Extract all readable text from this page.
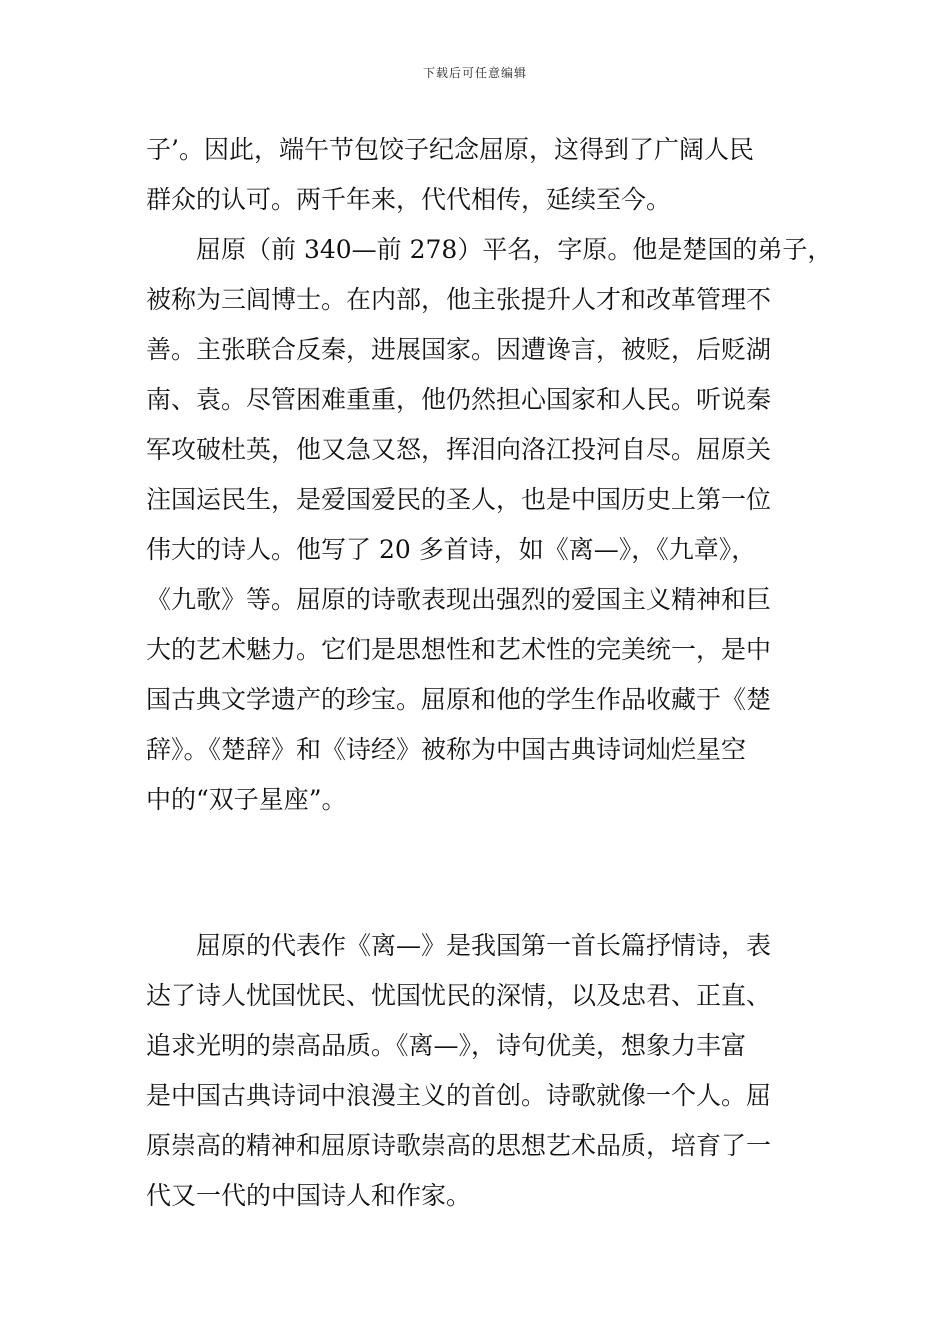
下载后可任意编辑
子’。因此，端午节包饺子纪念屈原，这得到了广阔人民
群众的认可。两千年来，代代相传，延续至今。
　　屈原（前 340—前 278）平名，字原。他是楚国的弟子，
被称为三闾博士。在内部，他主张提升人才和改革管理不
善。主张联合反秦，进展国家。因遭谗言，被贬，后贬湖
南、袁。尽管困难重重，他仍然担心国家和人民。听说秦
军攻破杜英，他又急又怒，挥泪向洛江投河自尽。屈原关
注国运民生，是爱国爱民的圣人，也是中国历史上第一位
伟大的诗人。他写了 20 多首诗，如《离—》，《九章》，
《九歌》等。屈原的诗歌表现出强烈的爱国主义精神和巨
大的艺术魅力。它们是思想性和艺术性的完美统一，是中
国古典文学遗产的珍宝。屈原和他的学生作品收藏于《楚
辞》。《楚辞》和《诗经》被称为中国古典诗词灿烂星空
中的“双子星座”。
　　屈原的代表作《离—》是我国第一首长篇抒情诗，表
达了诗人忧国忧民、忧国忧民的深情，以及忠君、正直、
追求光明的崇高品质。《离—》，诗句优美，想象力丰富
是中国古典诗词中浪漫主义的首创。诗歌就像一个人。屈
原崇高的精神和屈原诗歌崇高的思想艺术品质，培育了一
代又一代的中国诗人和作家。
